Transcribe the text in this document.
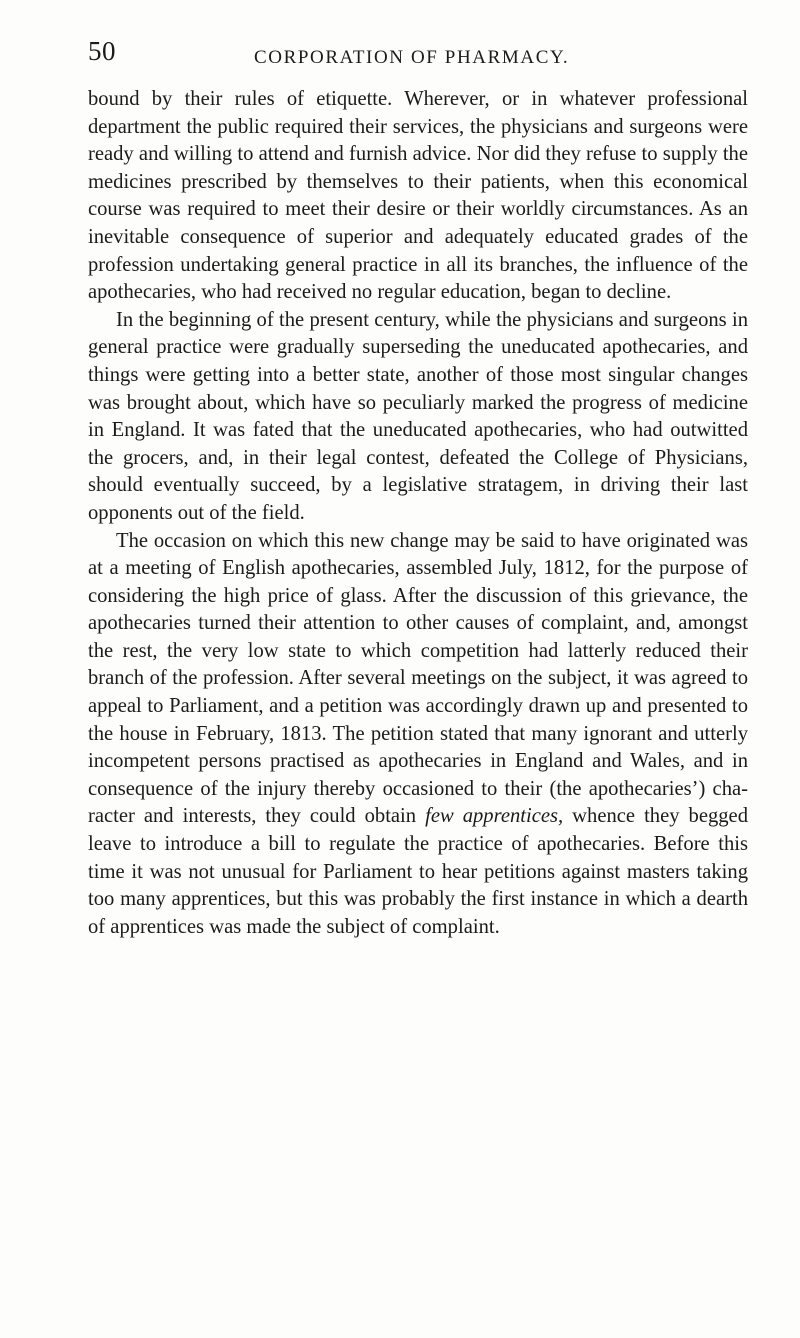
50	CORPORATION OF PHARMACY.

bound by their rules of etiquette. Wherever, or in whatever professional department the public required their services, the physicians and surgeons were ready and willing to attend and furnish advice. Nor did they refuse to supply the medicines prescribed by themselves to their patients, when this economical course was required to meet their desire or their worldly circumstances. As an inevitable consequence of superior and adequately educated grades of the profession undertaking general practice in all its branches, the influence of the apothecaries, who had received no regular education, began to decline.

In the beginning of the present century, while the physicians and surgeons in general practice were gradually superseding the uneducated apothecaries, and things were getting into a better state, another of those most singular changes was brought about, which have so peculiarly marked the progress of medicine in England. It was fated that the uneducated apothecaries, who had outwitted the grocers, and, in their legal contest, defeated the College of Physicians, should eventually succeed, by a legislative stratagem, in driving their last opponents out of the field.

The occasion on which this new change may be said to have originated was at a meeting of English apothecaries, assembled July, 1812, for the purpose of considering the high price of glass. After the discussion of this grievance, the apothecaries turned their attention to other causes of complaint, and, amongst the rest, the very low state to which competition had latterly reduced their branch of the profession. After several meetings on the subject, it was agreed to appeal to Parliament, and a petition was accordingly drawn up and presented to the house in February, 1813. The petition stated that many ignorant and utterly incompetent persons practised as apothecaries in England and Wales, and in consequence of the injury thereby occasioned to their (the apothecaries’) character and interests, they could obtain few apprentices, whence they begged leave to introduce a bill to regulate the practice of apothecaries. Before this time it was not unusual for Parliament to hear petitions against masters taking too many apprentices, but this was probably the first instance in which a dearth of apprentices was made the subject of complaint.
